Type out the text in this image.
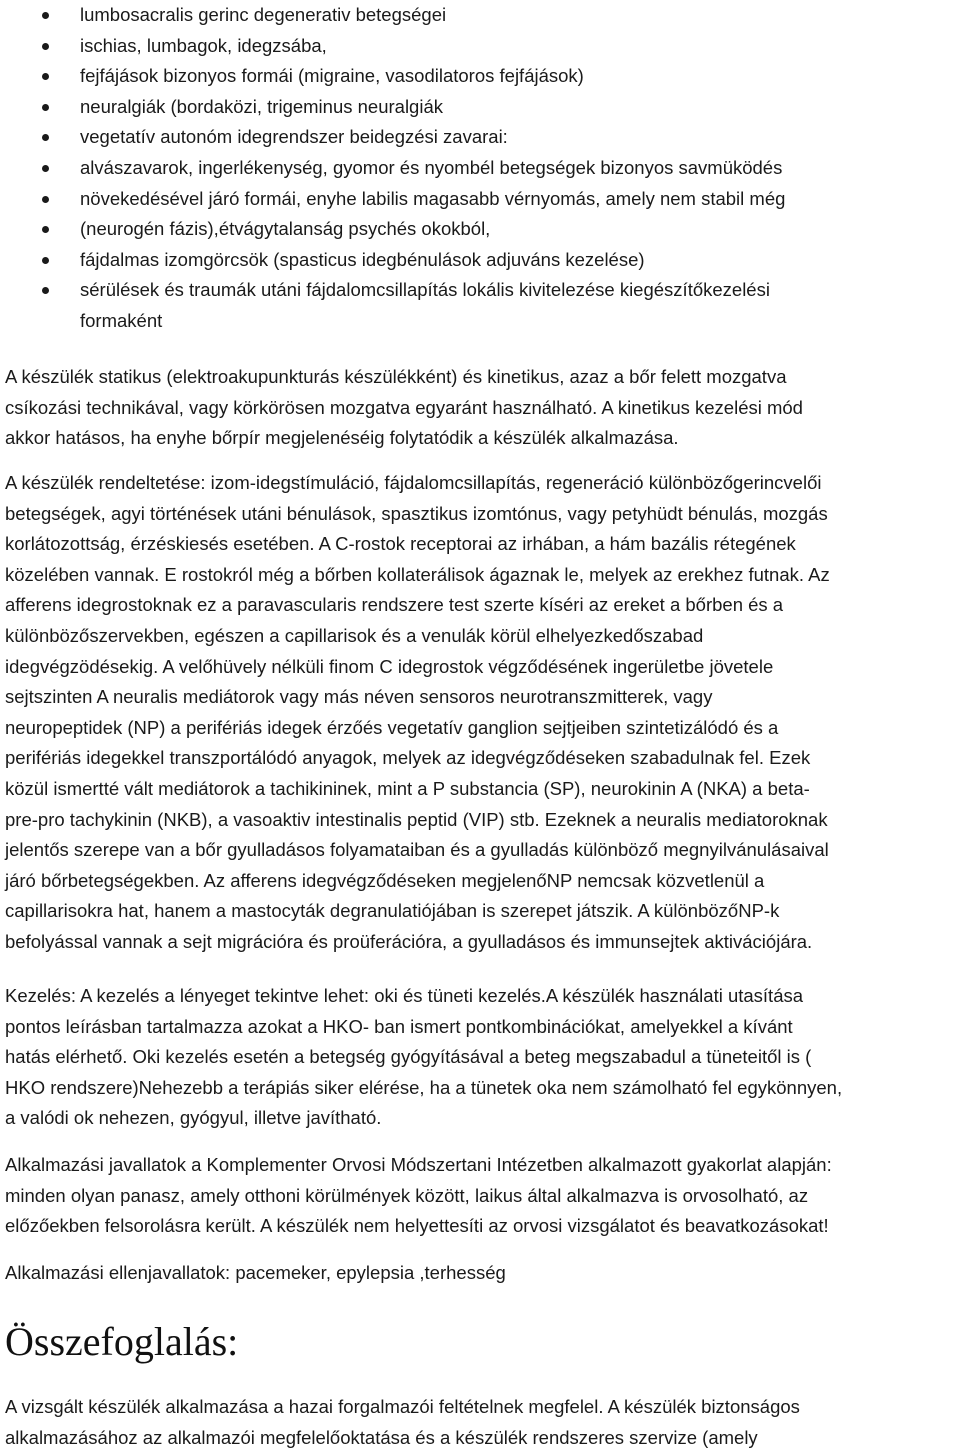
lumbosacralis gerinc degenerativ betegségei
ischias, lumbagok, idegzsába,
fejfájások bizonyos formái (migraine, vasodilatoros fejfájások)
neuralgiák (bordaközi, trigeminus neuralgiák
vegetatív autonóm idegrendszer beidegzési zavarai:
alvászavarok, ingerlékenység, gyomor és nyombél betegségek bizonyos savmüködés
növekedésével járó formái, enyhe labilis magasabb vérnyomás, amely nem stabil még
(neurogén fázis),étvágytalanság psychés okokból,
fájdalmas izomgörcsök (spasticus idegbénulások adjuváns kezelése)
sérülések és traumák utáni fájdalomcsillapítás lokális kivitelezése kiegészítőkezelési
formaként

A készülék statikus (elektroakupunkturás készülékként) és kinetikus, azaz a bőr felett mozgatva
csíkozási technikával, vagy körkörösen mozgatva egyaránt használható. A kinetikus kezelési mód
akkor hatásos, ha enyhe bőrpír megjelenéséig folytatódik a készülék alkalmazása.

A készülék rendeltetése: izom-idegstímuláció, fájdalomcsillapítás, regeneráció különbözőgerincvelői
betegségek, agyi történések utáni bénulások, spasztikus izomtónus, vagy petyhüdt bénulás, mozgás
korlátozottság, érzéskiesés esetében. A C-rostok receptorai az irhában, a hám bazális rétegének
közelében vannak. E rostokról még a bőrben kollaterálisok ágaznak le, melyek az erekhez futnak. Az
afferens idegrostoknak ez a paravascularis rendszere test szerte kíséri az ereket a bőrben és a
különbözőszervekben, egészen a capillarisok és a venulák körül elhelyezkedőszabad
idegvégzödésekig. A velőhüvely nélküli finom C idegrostok végződésének ingerületbe jövetele
sejtszinten A neuralis mediátorok vagy más néven sensoros neurotranszmitterek, vagy
neuropeptidek (NP) a perifériás idegek érzőés vegetatív ganglion sejtjeiben szintetizálódó és a
perifériás idegekkel transzportálódó anyagok, melyek az idegvégződéseken szabadulnak fel. Ezek
közül ismertté vált mediátorok a tachikininek, mint a P substancia (SP), neurokinin A (NKA) a beta-
pre-pro tachykinin (NKB), a vasoaktiv intestinalis peptid (VIP) stb. Ezeknek a neuralis mediatoroknak
jelentős szerepe van a bőr gyulladásos folyamataiban és a gyulladás különböző megnyilvánulásaival
járó bőrbetegségekben. Az afferens idegvégződéseken megjelenőNP nemcsak közvetlenül a
capillarisokra hat, hanem a mastocyták degranulatiójában is szerepet játszik. A különbözőNP-k
befolyással vannak a sejt migrációra és proüferációra, a gyulladásos és immunsejtek aktivációjára.

Kezelés: A kezelés a lényeget tekintve lehet: oki és tüneti kezelés.A készülék használati utasítása
pontos leírásban tartalmazza azokat a HKO- ban ismert pontkombinációkat, amelyekkel a kívánt
hatás elérhető. Oki kezelés esetén a betegség gyógyításával a beteg megszabadul a tüneteitől is (
HKO rendszere)Nehezebb a terápiás siker elérése, ha a tünetek oka nem számolható fel egykönnyen,
a valódi ok nehezen, gyógyul, illetve javítható.

Alkalmazási javallatok a Komplementer Orvosi Módszertani Intézetben alkalmazott gyakorlat alapján:
minden olyan panasz, amely otthoni körülmények között, laikus által alkalmazva is orvosolható, az
előzőekben felsorolásra került. A készülék nem helyettesíti az orvosi vizsgálatot és beavatkozásokat!

Alkalmazási ellenjavallatok: pacemeker, epylepsia ,terhesség

Összefoglalás:

A vizsgált készülék alkalmazása a hazai forgalmazói feltételnek megfelel. A készülék biztonságos
alkalmazásához az alkalmazói megfelelőoktatása és a készülék rendszeres szervize (amely
